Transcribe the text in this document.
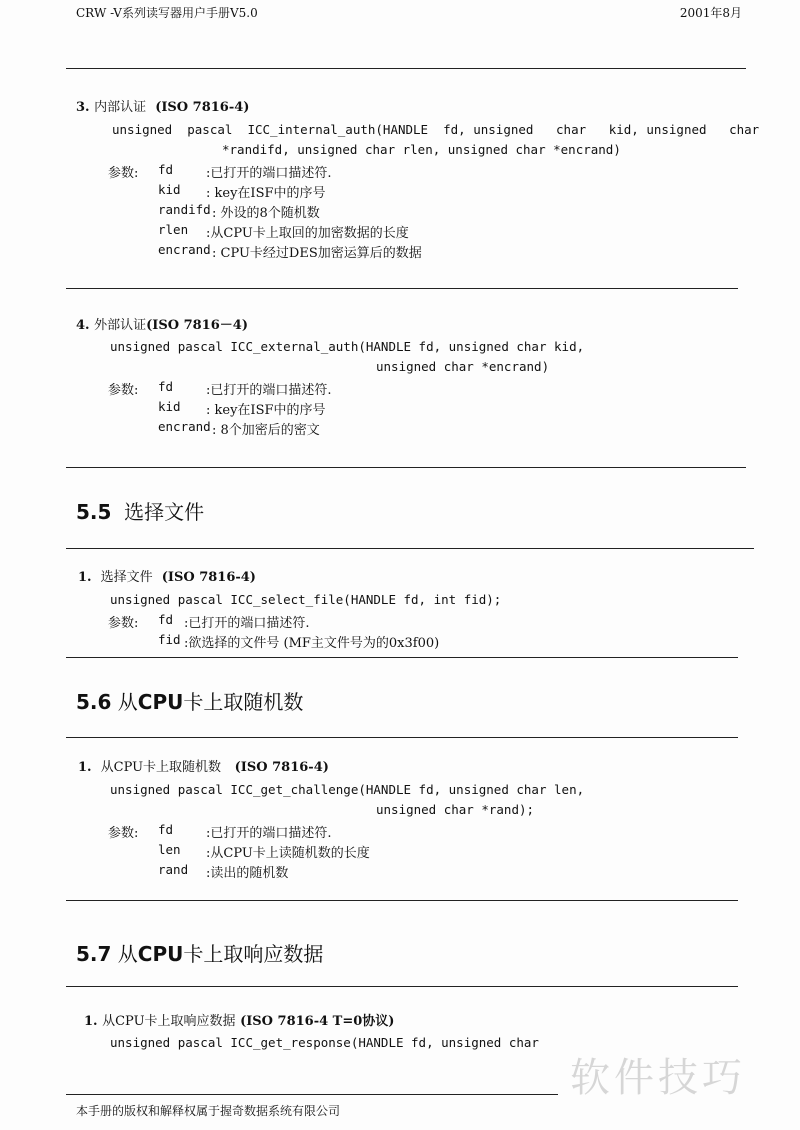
CRW -V系列读写器用户手册V5.0	2001年8月
3. 内部认证 (ISO 7816-4)
unsigned  pascal  ICC_internal_auth(HANDLE  fd, unsigned   char   kid, unsigned   char
*randifd, unsigned char rlen, unsigned char *encrand)
参数: fd	:已打开的端口描述符.
kid : key在ISF中的序号
randifd : 外设的8个随机数
rlen :从CPU卡上取回的加密数据的长度
encrand : CPU卡经过DES加密运算后的数据
4. 外部认证(ISO 7816－4)
unsigned pascal ICC_external_auth(HANDLE fd, unsigned char kid,
unsigned char *encrand)
参数: fd	:已打开的端口描述符.
kid : key在ISF中的序号
encrand : 8个加密后的密文
5.5 选择文件
1. 选择文件 (ISO 7816-4)
unsigned pascal ICC_select_file(HANDLE fd, int fid);
参数: fd :已打开的端口描述符.
fid :欲选择的文件号 (MF主文件号为的0x3f00)
5.6 从CPU卡上取随机数
1. 从CPU卡上取随机数 (ISO 7816-4)
unsigned pascal ICC_get_challenge(HANDLE fd, unsigned char len,
unsigned char *rand);
参数: fd	:已打开的端口描述符.
len :从CPU卡上读随机数的长度
rand :读出的随机数
5.7 从CPU卡上取响应数据
1. 从CPU卡上取响应数据 (ISO 7816-4 T=0协议)
unsigned pascal ICC_get_response(HANDLE fd, unsigned char
本手册的版权和解释权属于握奇数据系统有限公司
软件技巧
